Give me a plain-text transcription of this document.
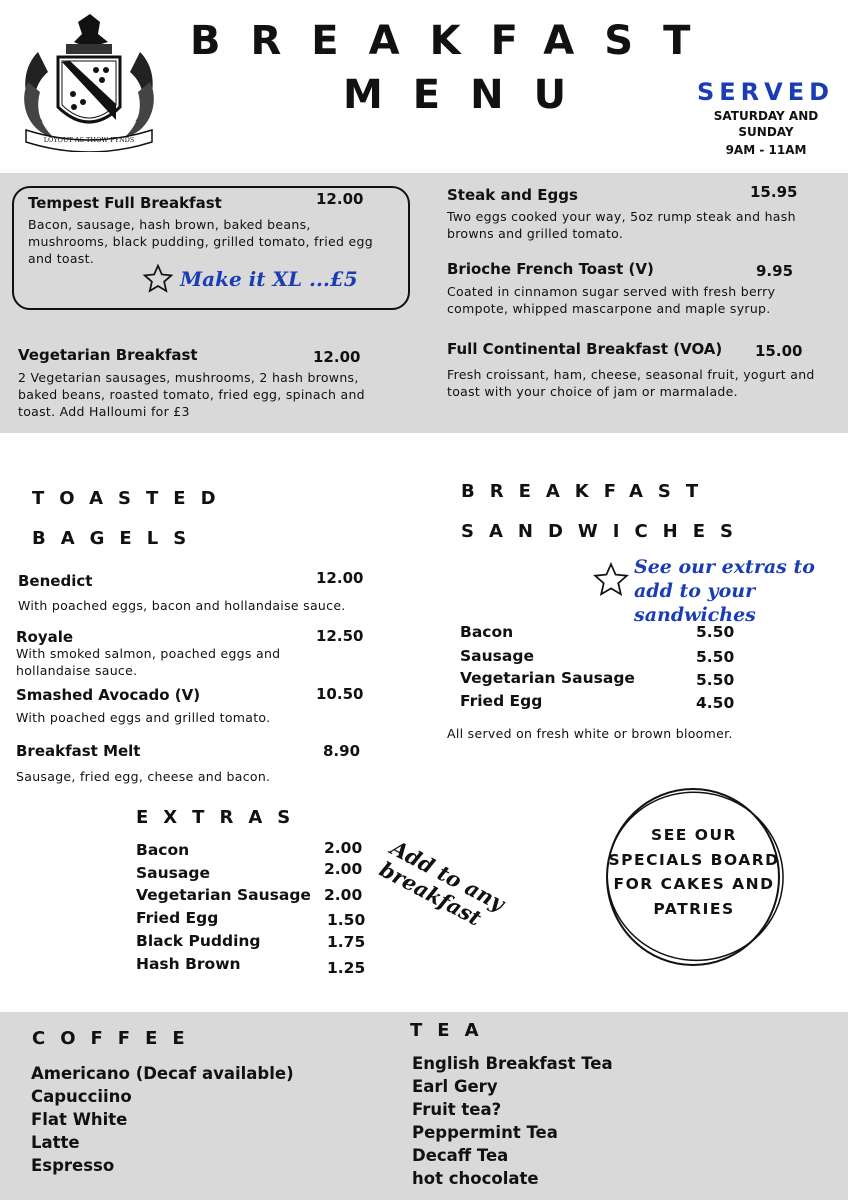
LOYOUT AS THOW FYNDS
BREAKFAST
MENU	SERVED
SATURDAY AND SUNDAY
9AM - 11AM
Tempest Full Breakfast	12.00
Bacon, sausage, hash brown, baked beans, mushrooms, black pudding, grilled tomato, fried egg and toast.
Make it XL ...£5
Vegetarian Breakfast	12.00
2 Vegetarian sausages, mushrooms, 2 hash browns, baked beans, roasted tomato, fried egg, spinach and toast. Add Halloumi for £3
Steak and Eggs	15.95
Two eggs cooked your way, 5oz rump steak and hash browns and grilled tomato.
Brioche French Toast (V)	9.95
Coated in cinnamon sugar served with fresh berry compote, whipped mascarpone and maple syrup.
Full Continental Breakfast (VOA) 15.00
Fresh croissant, ham, cheese, seasonal fruit, yogurt and toast with your choice of jam or marmalade.
TOASTED
BAGELS
Benedict	12.00
With poached eggs, bacon and hollandaise sauce.
Royale	12.50
With smoked salmon, poached eggs and hollandaise sauce.
Smashed Avocado (V)	10.50
With poached eggs and grilled tomato.
Breakfast Melt	8.90
Sausage, fried egg, cheese and bacon.
BREAKFAST
SANDWICHES
See our extras to add to your sandwiches
Bacon	5.50
Sausage	5.50
Vegetarian Sausage	5.50
Fried Egg	4.50
All served on fresh white or brown bloomer.
EXTRAS
Bacon	2.00
Sausage	2.00
Vegetarian Sausage 2.00
Fried Egg	1.50
Black Pudding	1.75
Hash Brown	1.25
Add to any breakfast
SEE OUR SPECIALS BOARD FOR CAKES AND PATRIES
COFFEE
Americano (Decaf available)
Capucciino
Flat White
Latte
Espresso
TEA
English Breakfast Tea
Earl Gery
Fruit tea?
Peppermint Tea
Decaff Tea
hot chocolate
